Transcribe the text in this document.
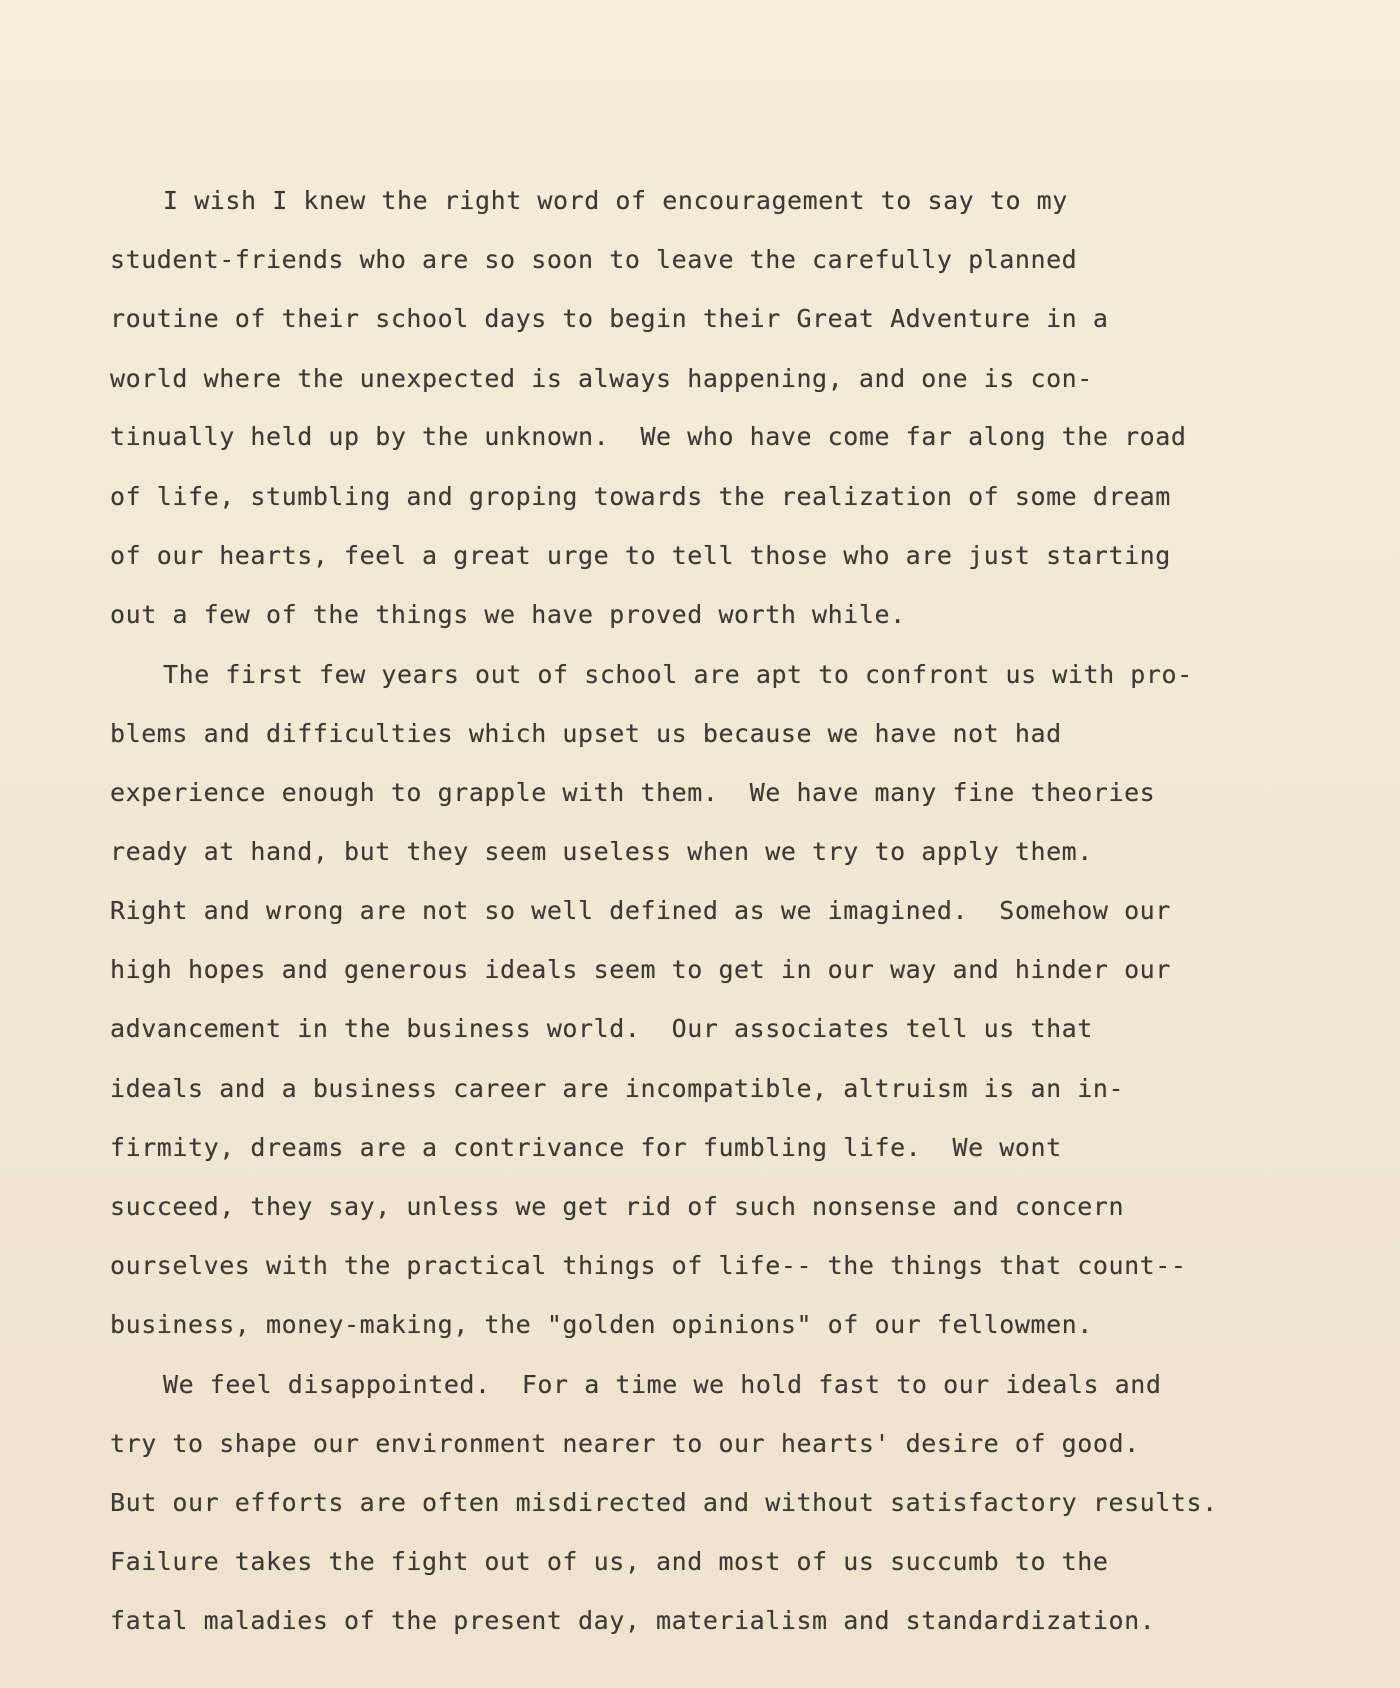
I wish I knew the right word of encouragement to say to my
student-friends who are so soon to leave the carefully planned
routine of their school days to begin their Great Adventure in a
world where the unexpected is always happening, and one is con-
tinually held up by the unknown.  We who have come far along the road
of life, stumbling and groping towards the realization of some dream
of our hearts, feel a great urge to tell those who are just starting
out a few of the things we have proved worth while.
The first few years out of school are apt to confront us with pro-
blems and difficulties which upset us because we have not had
experience enough to grapple with them.  We have many fine theories
ready at hand, but they seem useless when we try to apply them.
Right and wrong are not so well defined as we imagined.  Somehow our
high hopes and generous ideals seem to get in our way and hinder our
advancement in the business world.  Our associates tell us that
ideals and a business career are incompatible, altruism is an in-
firmity, dreams are a contrivance for fumbling life.  We wont
succeed, they say, unless we get rid of such nonsense and concern
ourselves with the practical things of life-- the things that count--
business, money-making, the "golden opinions" of our fellowmen.
We feel disappointed.  For a time we hold fast to our ideals and
try to shape our environment nearer to our hearts' desire of good.
But our efforts are often misdirected and without satisfactory results.
Failure takes the fight out of us, and most of us succumb to the
fatal maladies of the present day, materialism and standardization.
